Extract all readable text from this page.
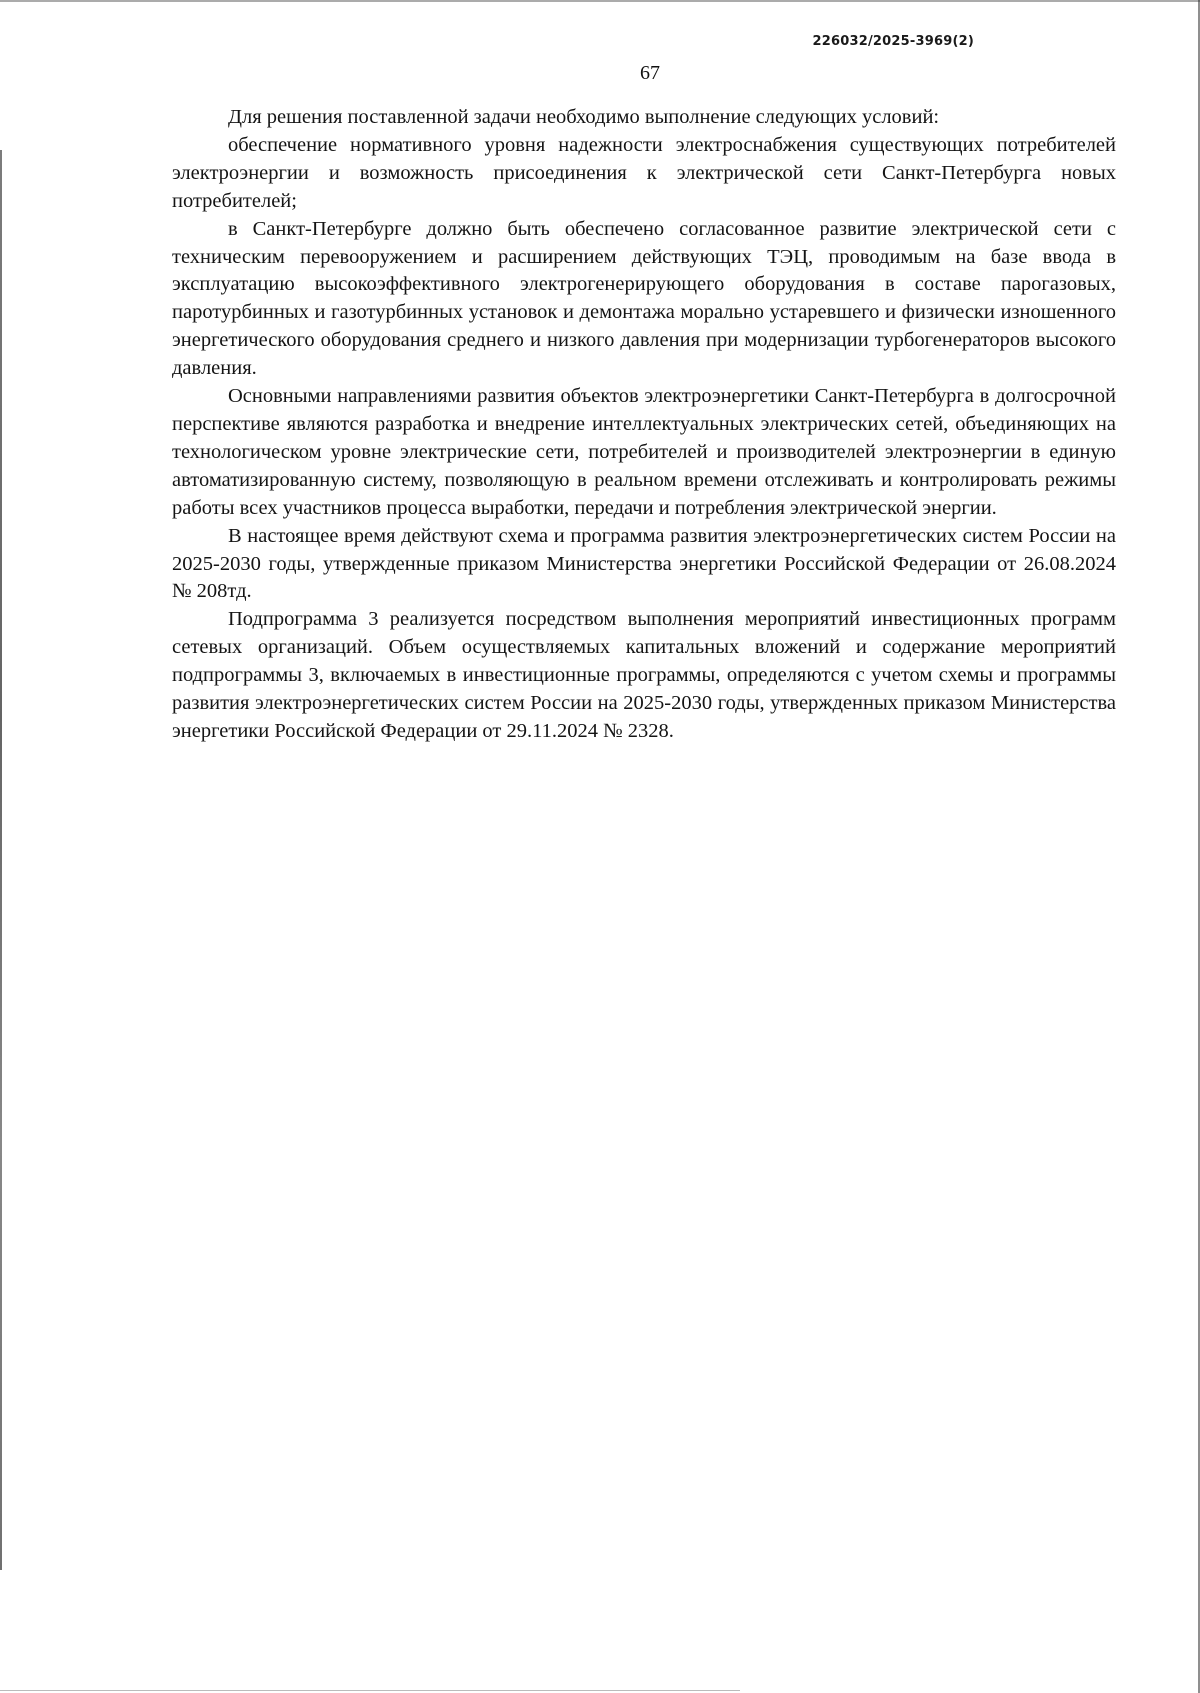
226032/2025-3969(2)
67

Для решения поставленной задачи необходимо выполнение следующих условий:

обеспечение нормативного уровня надежности электроснабжения существующих потребителей электроэнергии и возможность присоединения к электрической сети Санкт-Петербурга новых потребителей;

в Санкт-Петербурге должно быть обеспечено согласованное развитие электрической сети с техническим перевооружением и расширением действующих ТЭЦ, проводимым на базе ввода в эксплуатацию высокоэффективного электрогенерирующего оборудования в составе парогазовых, паротурбинных и газотурбинных установок и демонтажа морально устаревшего и физически изношенного энергетического оборудования среднего и низкого давления при модернизации турбогенераторов высокого давления.

Основными направлениями развития объектов электроэнергетики Санкт-Петербурга в долгосрочной перспективе являются разработка и внедрение интеллектуальных электрических сетей, объединяющих на технологическом уровне электрические сети, потребителей и производителей электроэнергии в единую автоматизированную систему, позволяющую в реальном времени отслеживать и контролировать режимы работы всех участников процесса выработки, передачи и потребления электрической энергии.

В настоящее время действуют схема и программа развития электроэнергетических систем России на 2025-2030 годы, утвержденные приказом Министерства энергетики Российской Федерации от 26.08.2024 № 208тд.

Подпрограмма 3 реализуется посредством выполнения мероприятий инвестиционных программ сетевых организаций. Объем осуществляемых капитальных вложений и содержание мероприятий подпрограммы 3, включаемых в инвестиционные программы, определяются с учетом схемы и программы развития электроэнергетических систем России на 2025-2030 годы, утвержденных приказом Министерства энергетики Российской Федерации от 29.11.2024 № 2328.
